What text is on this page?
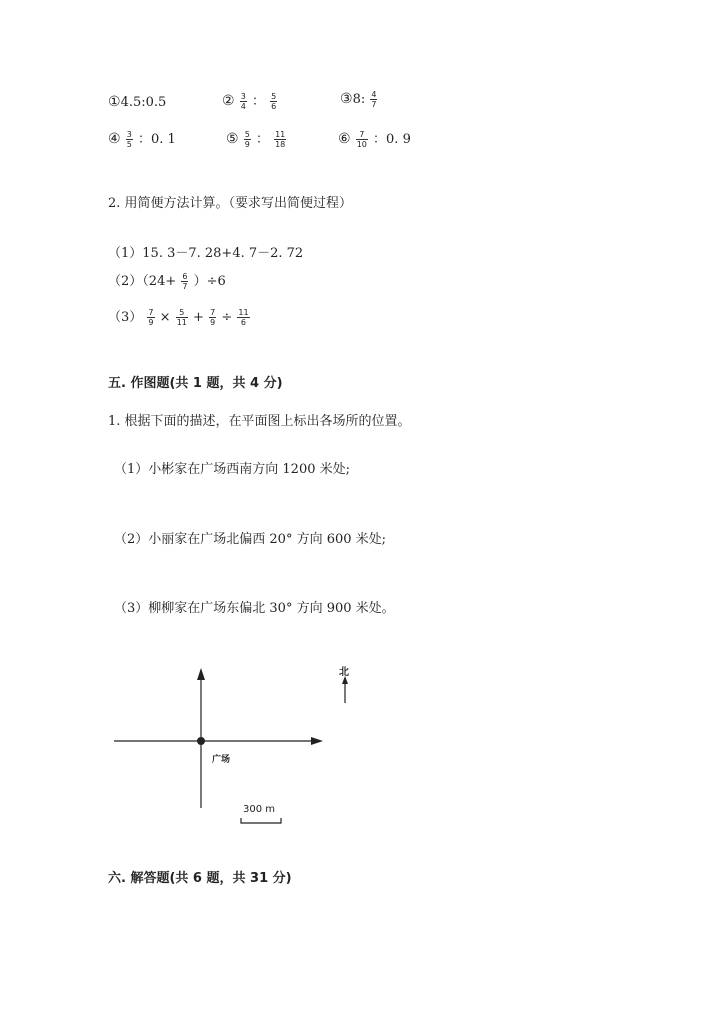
①4.5:0.5	② $\frac{3}{4}$ ： $\frac{5}{6}$	③8: $\frac{4}{7}$
④ $\frac{3}{5}$ ：0. 1	⑤ $\frac{5}{9}$ ： $\frac{11}{18}$	⑥ $\frac{7}{10}$ ：0. 9
2. 用简便方法计算。（要求写出简便过程）
（1）15. 3－7. 28+4. 7－2. 72
$(2)(24+ \frac{6}{7} )\div 6$
$(3) \frac{7}{9} \times \frac{5}{11} + \frac{7}{9} \div \frac{11}{6}$
五. 作图题(共 1 题，共 4 分)
1. 根据下面的描述，在平面图上标出各场所的位置。
（1）小彬家在广场西南方向 1200 米处;
（2）小丽家在广场北偏西 20° 方向 600 米处;
（3）柳柳家在广场东偏北 30° 方向 900 米处。
北
广场
300 m
六. 解答题(共 6 题，共 31 分)
